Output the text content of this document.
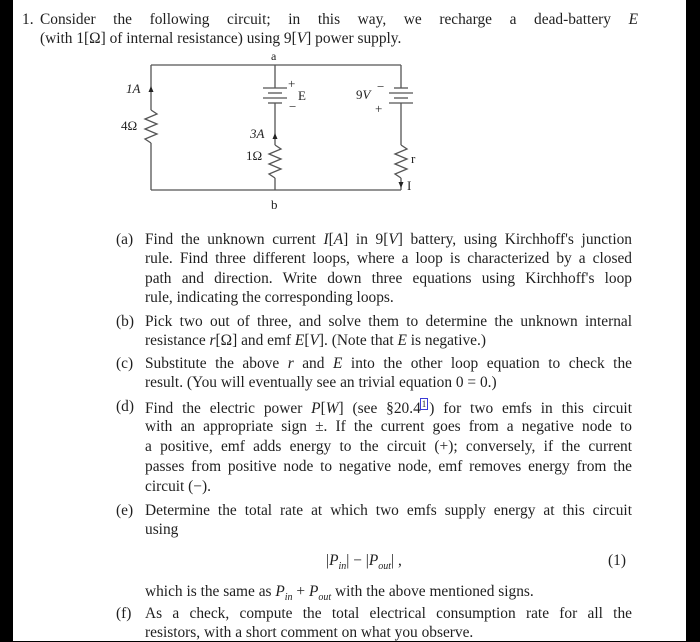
1. Consider the following circuit; in this way, we recharge a dead-battery E
(with 1[Ω] of internal resistance) using 9[V] power supply.
a
b
1A
4Ω
+
E
−
3A
1Ω
9V
−
+
r
I
(a) Find the unknown current I[A] in 9[V] battery, using Kirchhoff's junction
rule. Find three different loops, where a loop is characterized by a closed
path and direction. Write down three equations using Kirchhoff's loop
rule, indicating the corresponding loops.
(b) Pick two out of three, and solve them to determine the unknown internal
resistance r[Ω] and emf E[V]. (Note that E is negative.)
(c) Substitute the above r and E into the other loop equation to check the
result. (You will eventually see an trivial equation 0 = 0.)
(d) Find the electric power P[W] (see §20.41 ) for two emfs in this circuit
with an appropriate sign ±. If the current goes from a negative node to
a positive, emf adds energy to the circuit (+); conversely, if the current
passes from positive node to negative node, emf removes energy from the
circuit (−).
(e) Determine the total rate at which two emfs supply energy at this circuit
using
$|P_{in}| - |P_{out}|$ ,	(1)
which is the same as $P_{in} + P_{out}$ with the above mentioned signs.
(f) As a check, compute the total electrical consumption rate for all the
resistors, with a short comment on what you observe.
